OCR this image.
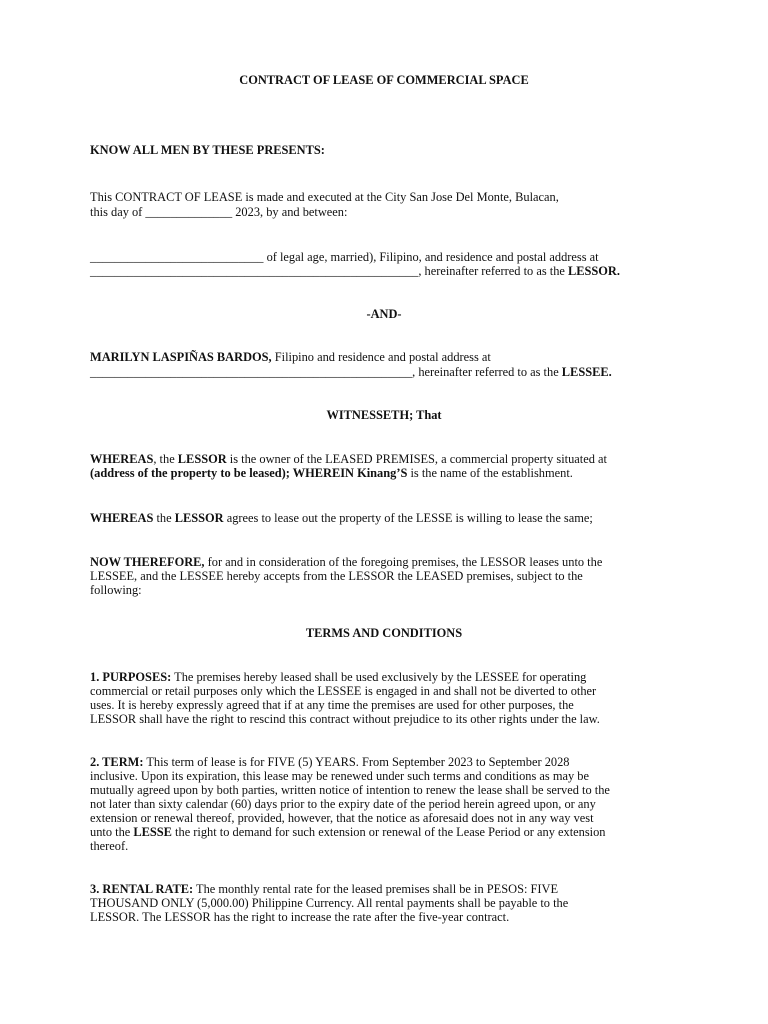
CONTRACT OF LEASE OF COMMERCIAL SPACE
KNOW ALL MEN BY THESE PRESENTS:
This CONTRACT OF LEASE is made and executed at the City San Jose Del Monte, Bulacan,
this day of ______________ 2023, by and between:
____________________________ of legal age, married), Filipino, and residence and postal address at
_____________________________________________________, hereinafter referred to as the LESSOR.
-AND-
MARILYN LASPIÑAS BARDOS, Filipino and residence and postal address at
____________________________________________________, hereinafter referred to as the LESSEE.
WITNESSETH; That
WHEREAS, the LESSOR is the owner of the LEASED PREMISES, a commercial property situated at
(address of the property to be leased); WHEREIN Kinang’S is the name of the establishment.
WHEREAS the LESSOR agrees to lease out the property of the LESSE is willing to lease the same;
NOW THEREFORE, for and in consideration of the foregoing premises, the LESSOR leases unto the
LESSEE, and the LESSEE hereby accepts from the LESSOR the LEASED premises, subject to the
following:
TERMS AND CONDITIONS
1. PURPOSES: The premises hereby leased shall be used exclusively by the LESSEE for operating
commercial or retail purposes only which the LESSEE is engaged in and shall not be diverted to other
uses. It is hereby expressly agreed that if at any time the premises are used for other purposes, the
LESSOR shall have the right to rescind this contract without prejudice to its other rights under the law.
2. TERM: This term of lease is for FIVE (5) YEARS. From September 2023 to September 2028
inclusive. Upon its expiration, this lease may be renewed under such terms and conditions as may be
mutually agreed upon by both parties, written notice of intention to renew the lease shall be served to the
not later than sixty calendar (60) days prior to the expiry date of the period herein agreed upon, or any
extension or renewal thereof, provided, however, that the notice as aforesaid does not in any way vest
unto the LESSE the right to demand for such extension or renewal of the Lease Period or any extension
thereof.
3. RENTAL RATE: The monthly rental rate for the leased premises shall be in PESOS: FIVE
THOUSAND ONLY (5,000.00) Philippine Currency. All rental payments shall be payable to the
LESSOR. The LESSOR has the right to increase the rate after the five-year contract.
